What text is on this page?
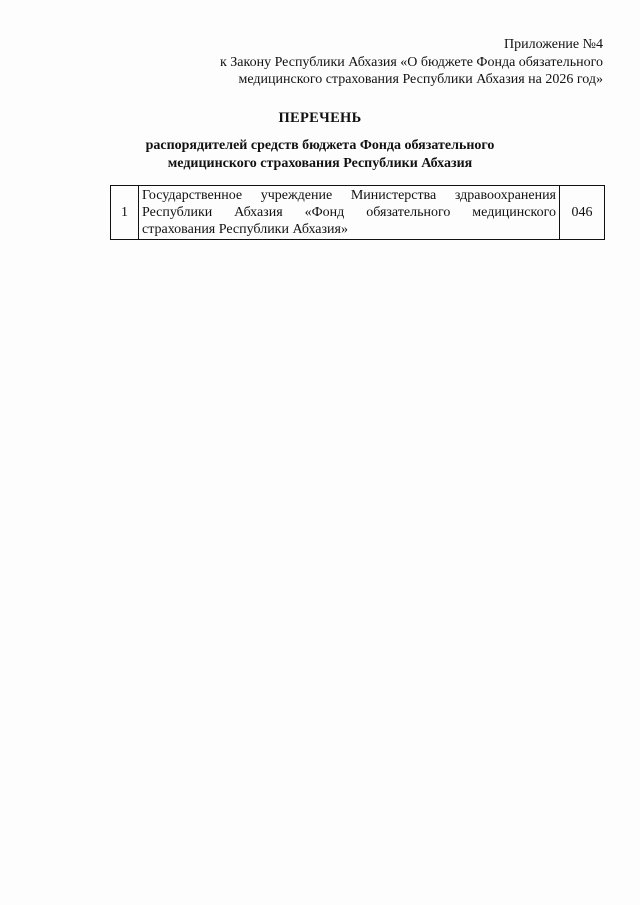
Приложение №4
к Закону Республики Абхазия «О бюджете Фонда обязательного
медицинского страхования Республики Абхазия на 2026 год»
ПЕРЕЧЕНЬ
распорядителей средств бюджета Фонда обязательного
медицинского страхования Республики Абхазия
1	Государственное учреждение Министерства здравоохранения Республики Абхазия «Фонд обязательного медицинского страхования Республики Абхазия»	046
